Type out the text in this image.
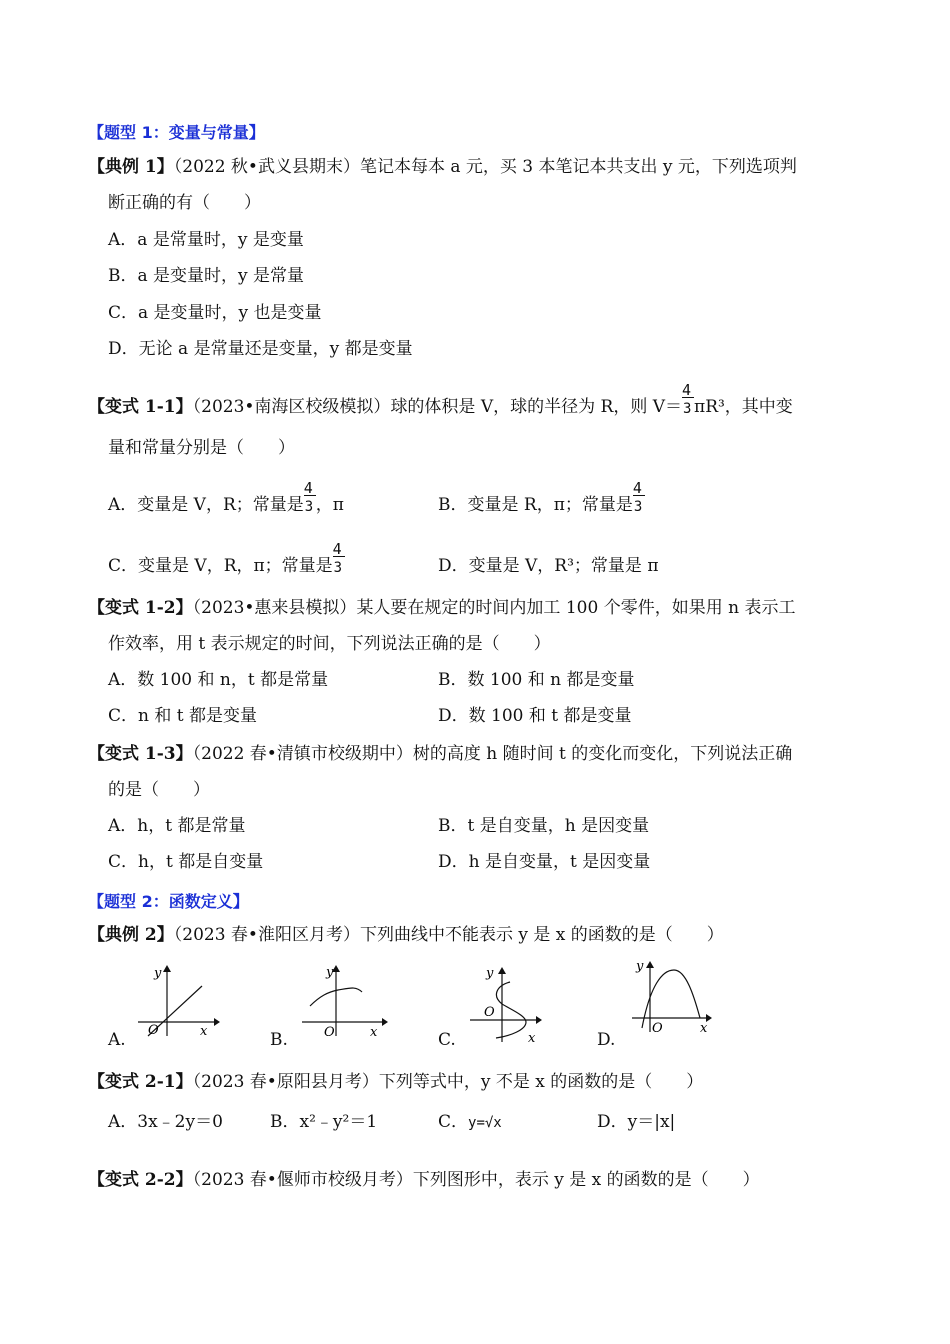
【题型 1：变量与常量】
【典例 1】（2022 秋•武义县期末）笔记本每本 a 元，买 3 本笔记本共支出 y 元，下列选项判
断正确的有（　　）
A．a 是常量时，y 是变量
B．a 是变量时，y 是常量
C．a 是变量时，y 也是变量
D．无论 a 是常量还是变量，y 都是变量
【变式 1-1】（2023•南海区校级模拟）球的体积是 V，球的半径为 R，则 $V= \frac{4}{3} \pi R^3$，其中变
量和常量分别是（　　）
A．变量是 V，R；常量是 $\frac{4}{3}$ ，π	B．变量是 R，π；常量是 $\frac{4}{3}$
C．变量是 V，R，π；常量是 $\frac{4}{3}$	D．变量是 V，R³；常量是 π
【变式 1-2】（2023•惠来县模拟）某人要在规定的时间内加工 100 个零件，如果用 n 表示工
作效率，用 t 表示规定的时间，下列说法正确的是（　　）
A．数 100 和 n，t 都是常量	B．数 100 和 n 都是变量
C．n 和 t 都是变量	D．数 100 和 t 都是变量
【变式 1-3】（2022 春•清镇市校级期中）树的高度 h 随时间 t 的变化而变化，下列说法正确
的是（　　）
A．h，t 都是常量	B．t 是自变量，h 是因变量
C．h，t 都是自变量	D．h 是自变量，t 是因变量
【题型 2：函数定义】
【典例 2】（2023 春•淮阳区月考）下列曲线中不能表示 y 是 x 的函数的是（　　）
A.	B.	C.	D.
y
x
O
y
x
O
y
x
O
y
x
O
【变式 2-1】（2023 春•原阳县月考）下列等式中，y 不是 x 的函数的是（　　）
A．3x﹣2y＝0	B．x²﹣y²＝1	C．y=√x	D．y＝|x|
【变式 2-2】（2023 春•偃师市校级月考）下列图形中，表示 y 是 x 的函数的是（　　）
